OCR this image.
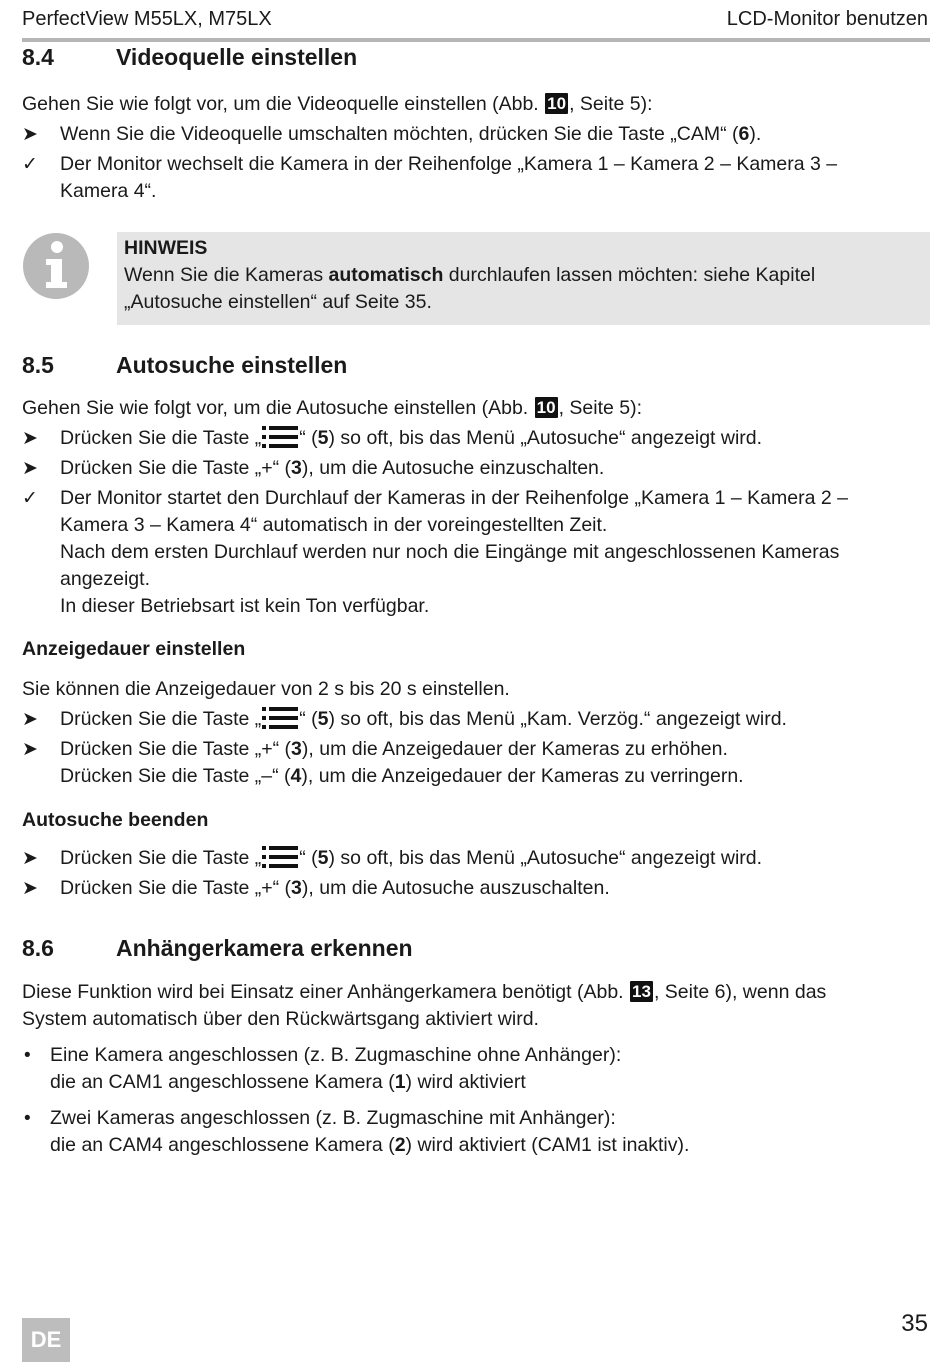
PerfectView M55LX, M75LX	LCD-Monitor benutzen
8.4	Videoquelle einstellen
Gehen Sie wie folgt vor, um die Videoquelle einstellen (Abb. 10 , Seite 5):
➤	Wenn Sie die Videoquelle umschalten möchten, drücken Sie die Taste „CAM“ (6).
✓	Der Monitor wechselt die Kamera in der Reihenfolge „Kamera 1 – Kamera 2 – Kamera 3 –
Kamera 4“.
HINWEIS
Wenn Sie die Kameras automatisch durchlaufen lassen möchten: siehe Kapitel
„Autosuche einstellen“ auf Seite 35.
8.5	Autosuche einstellen
Gehen Sie wie folgt vor, um die Autosuche einstellen (Abb. 10 , Seite 5):
➤	Drücken Sie die Taste „ “ (5) so oft, bis das Menü „Autosuche“ angezeigt wird.
➤	Drücken Sie die Taste „+“ (3), um die Autosuche einzuschalten.
✓	Der Monitor startet den Durchlauf der Kameras in der Reihenfolge „Kamera 1 – Kamera 2 –
Kamera 3 – Kamera 4“ automatisch in der voreingestellten Zeit.
Nach dem ersten Durchlauf werden nur noch die Eingänge mit angeschlossenen Kameras
angezeigt.
In dieser Betriebsart ist kein Ton verfügbar.
Anzeigedauer einstellen
Sie können die Anzeigedauer von 2 s bis 20 s einstellen.
➤	Drücken Sie die Taste „ “ (5) so oft, bis das Menü „Kam. Verzög.“ angezeigt wird.
➤	Drücken Sie die Taste „+“ (3), um die Anzeigedauer der Kameras zu erhöhen.
Drücken Sie die Taste „–“ (4), um die Anzeigedauer der Kameras zu verringern.
Autosuche beenden
➤	Drücken Sie die Taste „ “ (5) so oft, bis das Menü „Autosuche“ angezeigt wird.
➤	Drücken Sie die Taste „+“ (3), um die Autosuche auszuschalten.
8.6	Anhängerkamera erkennen
Diese Funktion wird bei Einsatz einer Anhängerkamera benötigt (Abb. 13 , Seite 6), wenn das
System automatisch über den Rückwärtsgang aktiviert wird.
• Eine Kamera angeschlossen (z. B. Zugmaschine ohne Anhänger):
die an CAM1 angeschlossene Kamera (1) wird aktiviert
• Zwei Kameras angeschlossen (z. B. Zugmaschine mit Anhänger):
die an CAM4 angeschlossene Kamera (2) wird aktiviert (CAM1 ist inaktiv).
DE
35
